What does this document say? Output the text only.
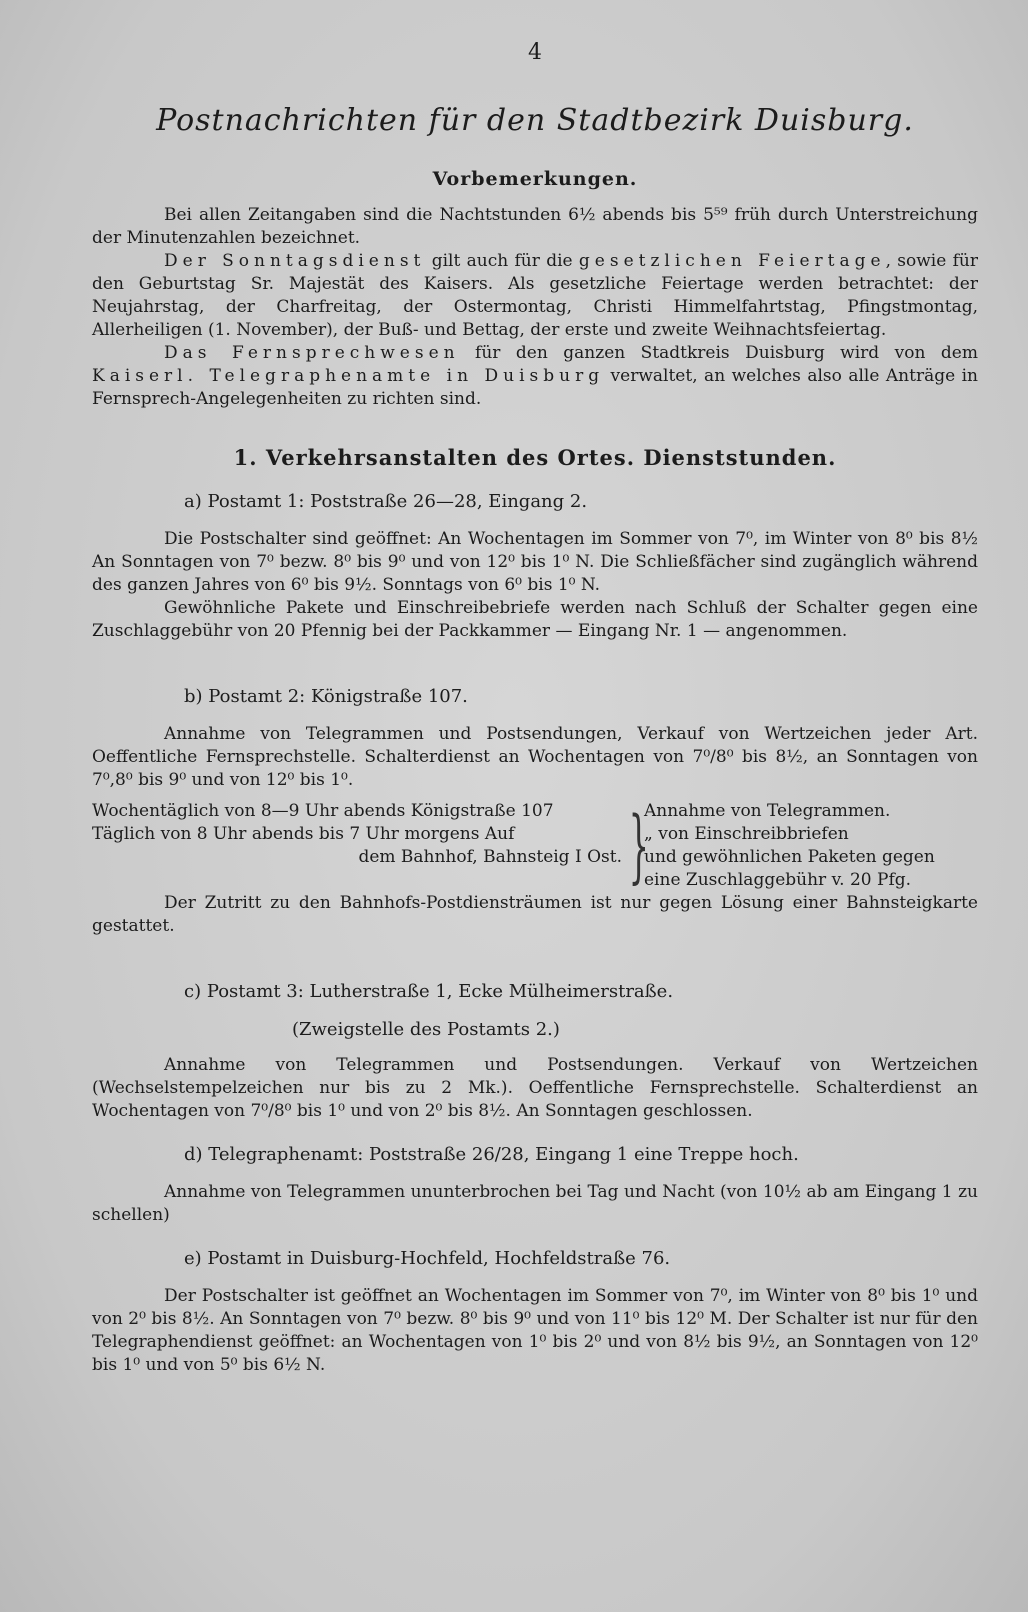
4
Postnachrichten für den Stadtbezirk Duisburg.
Vorbemerkungen.

Bei allen Zeitangaben sind die Nachtstunden 6½ abends bis 5⁵⁹ früh durch Unterstreichung der Minutenzahlen bezeichnet.

Der Sonntagsdienst gilt auch für die gesetzlichen Feiertage, sowie für den Geburtstag Sr. Majestät des Kaisers. Als gesetzliche Feiertage werden betrachtet: der Neujahrstag, der Charfreitag, der Ostermontag, Christi Himmelfahrtstag, Pfingstmontag, Allerheiligen (1. November), der Buß- und Bettag, der erste und zweite Weihnachtsfeiertag.

Das Fernsprechwesen für den ganzen Stadtkreis Duisburg wird von dem Kaiserl. Telegraphenamte in Duisburg verwaltet, an welches also alle Anträge in Fernsprech-Angelegenheiten zu richten sind.

1. Verkehrsanstalten des Ortes. Dienststunden.
a) Postamt 1: Poststraße 26—28, Eingang 2.

Die Postschalter sind geöffnet: An Wochentagen im Sommer von 7⁰, im Winter von 8⁰ bis 8½ An Sonntagen von 7⁰ bezw. 8⁰ bis 9⁰ und von 12⁰ bis 1⁰ N. Die Schließfächer sind zugänglich während des ganzen Jahres von 6⁰ bis 9½. Sonntags von 6⁰ bis 1⁰ N.

Gewöhnliche Pakete und Einschreibebriefe werden nach Schluß der Schalter gegen eine Zuschlaggebühr von 20 Pfennig bei der Packkammer — Eingang Nr. 1 — angenommen.

b) Postamt 2: Königstraße 107.

Annahme von Telegrammen und Postsendungen, Verkauf von Wertzeichen jeder Art. Oeffentliche Fernsprechstelle. Schalterdienst an Wochentagen von 7⁰/8⁰ bis 8½, an Sonntagen von 7⁰,8⁰ bis 9⁰ und von 12⁰ bis 1⁰.

Wochentäglich von 8—9 Uhr abends Königstraße 107
Täglich von 8 Uhr abends bis 7 Uhr morgens Auf
dem Bahnhof, Bahnsteig I Ost. }
Annahme von Telegrammen.
„ von Einschreibbriefen
und gewöhnlichen Paketen gegen
eine Zuschlaggebühr v. 20 Pfg.

Der Zutritt zu den Bahnhofs-Postdiensträumen ist nur gegen Lösung einer Bahnsteigkarte gestattet.

c) Postamt 3: Lutherstraße 1, Ecke Mülheimerstraße.
(Zweigstelle des Postamts 2.)

Annahme von Telegrammen und Postsendungen. Verkauf von Wertzeichen (Wechselstempelzeichen nur bis zu 2 Mk.). Oeffentliche Fernsprechstelle. Schalterdienst an Wochentagen von 7⁰/8⁰ bis 1⁰ und von 2⁰ bis 8½. An Sonntagen geschlossen.

d) Telegraphenamt: Poststraße 26/28, Eingang 1 eine Treppe hoch.

Annahme von Telegrammen ununterbrochen bei Tag und Nacht (von 10½ ab am Eingang 1 zu schellen)

e) Postamt in Duisburg-Hochfeld, Hochfeldstraße 76.

Der Postschalter ist geöffnet an Wochentagen im Sommer von 7⁰, im Winter von 8⁰ bis 1⁰ und von 2⁰ bis 8½. An Sonntagen von 7⁰ bezw. 8⁰ bis 9⁰ und von 11⁰ bis 12⁰ M. Der Schalter ist nur für den Telegraphendienst geöffnet: an Wochentagen von 1⁰ bis 2⁰ und von 8½ bis 9½, an Sonntagen von 12⁰ bis 1⁰ und von 5⁰ bis 6½ N.
